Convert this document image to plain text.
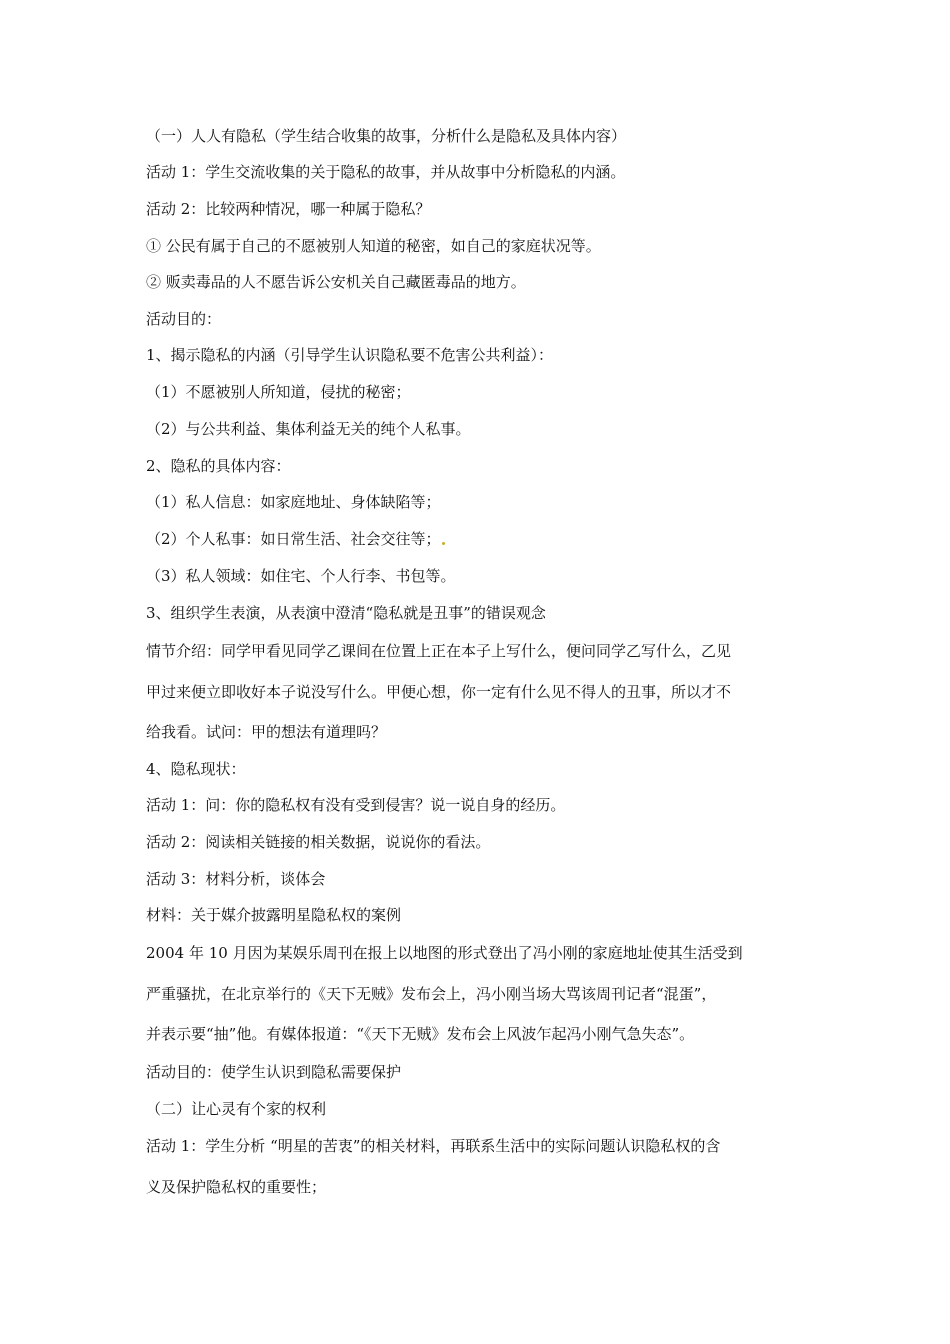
（一）人人有隐私（学生结合收集的故事，分析什么是隐私及具体内容）
活动 1：学生交流收集的关于隐私的故事，并从故事中分析隐私的内涵。
活动 2：比较两种情况，哪一种属于隐私？
① 公民有属于自己的不愿被别人知道的秘密，如自己的家庭状况等。
② 贩卖毒品的人不愿告诉公安机关自己藏匿毒品的地方。
活动目的：
1、揭示隐私的内涵（引导学生认识隐私要不危害公共利益）：
（1）不愿被别人所知道，侵扰的秘密；
（2）与公共利益、集体利益无关的纯个人私事。
2、隐私的具体内容：
（1）私人信息：如家庭地址、身体缺陷等；
（2）个人私事：如日常生活、社会交往等；
（3）私人领域：如住宅、个人行李、书包等。
3、组织学生表演，从表演中澄清“隐私就是丑事”的错误观念
情节介绍：同学甲看见同学乙课间在位置上正在本子上写什么，便问同学乙写什么，乙见
甲过来便立即收好本子说没写什么。甲便心想，你一定有什么见不得人的丑事，所以才不
给我看。试问：甲的想法有道理吗？
4、隐私现状：
活动 1：问：你的隐私权有没有受到侵害？说一说自身的经历。
活动 2：阅读相关链接的相关数据，说说你的看法。
活动 3：材料分析，谈体会
材料：关于媒介披露明星隐私权的案例
2004 年 10 月因为某娱乐周刊在报上以地图的形式登出了冯小刚的家庭地址使其生活受到
严重骚扰，在北京举行的《天下无贼》发布会上，冯小刚当场大骂该周刊记者“混蛋”，
并表示要“抽”他。有媒体报道：“《天下无贼》发布会上风波乍起冯小刚气急失态”。
活动目的：使学生认识到隐私需要保护
（二）让心灵有个家的权利
活动 1：学生分析 “明星的苦衷”的相关材料，再联系生活中的实际问题认识隐私权的含
义及保护隐私权的重要性；
